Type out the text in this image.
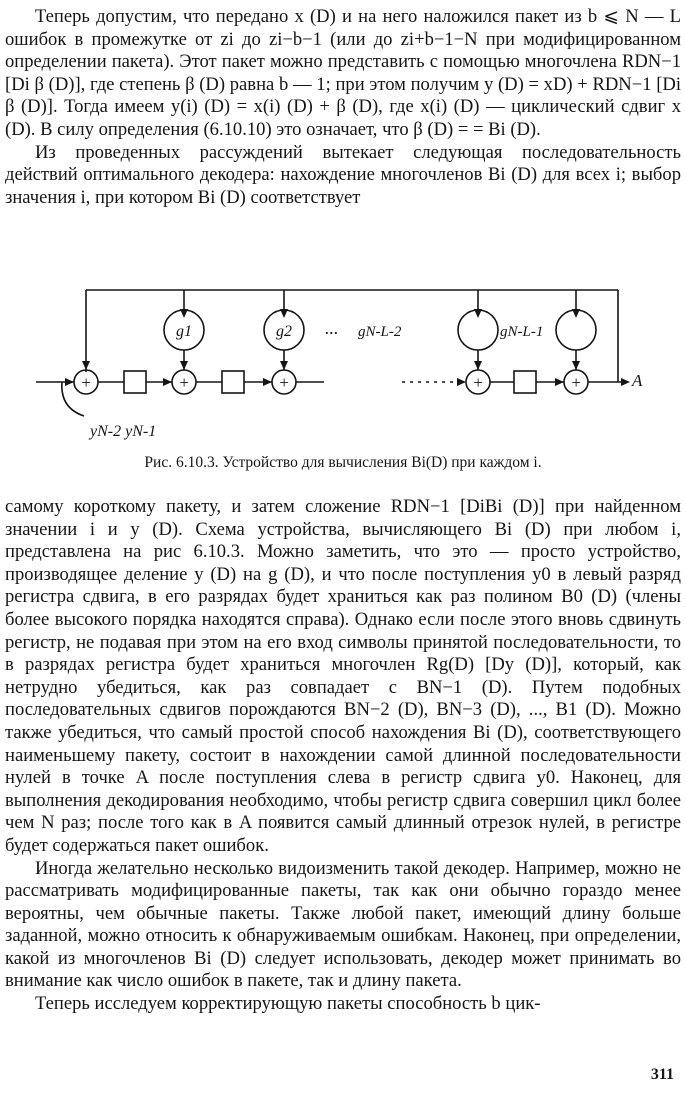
Теперь допустим, что передано x (D) и на него наложился пакет из b ⩽ N — L ошибок в промежутке от zi до zi−b−1 (или до zi+b−1−N при модифицированном определении пакета). Этот пакет можно представить с помощью многочлена RDN−1 [Di β (D)], где степень β (D) равна b — 1; при этом получим y (D) = xD) + RDN−1 [Di β (D)]. Тогда имеем y(i) (D) = x(i) (D) + β (D), где x(i) (D) — циклический сдвиг x (D). В силу определения (6.10.10) это означает, что β (D) = = Bi (D).

Из проведенных рассуждений вытекает следующая последовательность действий оптимального декодера: нахождение многочленов Bi (D) для всех i; выбор значения i, при котором Bi (D) соответствует

+	+	+	+	+
g1	g2 ... gN-L-2	gN-L-1
A
yN-2 yN-1
Рис. 6.10.3. Устройство для вычисления Bi(D) при каждом i.

самому короткому пакету, и затем сложение RDN−1 [DiBi (D)] при найденном значении i и y (D). Схема устройства, вычисляющего Bi (D) при любом i, представлена на рис 6.10.3. Можно заметить, что это — просто устройство, производящее деление y (D) на g (D), и что после поступления y0 в левый разряд регистра сдвига, в его разрядах будет храниться как раз полином B0 (D) (члены более высокого порядка находятся справа). Однако если после этого вновь сдвинуть регистр, не подавая при этом на его вход символы принятой последовательности, то в разрядах регистра будет храниться многочлен Rg(D) [Dy (D)], который, как нетрудно убедиться, как раз совпадает с BN−1 (D). Путем подобных последовательных сдвигов порождаются BN−2 (D), BN−3 (D), ..., B1 (D). Можно также убедиться, что самый простой способ нахождения Bi (D), соответствующего наименьшему пакету, состоит в нахождении самой длинной последовательности нулей в точке A после поступления слева в регистр сдвига y0. Наконец, для выполнения декодирования необходимо, чтобы регистр сдвига совершил цикл более чем N раз; после того как в A появится самый длинный отрезок нулей, в регистре будет содержаться пакет ошибок.

Иногда желательно несколько видоизменить такой декодер. Например, можно не рассматривать модифицированные пакеты, так как они обычно гораздо менее вероятны, чем обычные пакеты. Также любой пакет, имеющий длину больше заданной, можно относить к обнаруживаемым ошибкам. Наконец, при определении, какой из многочленов Bi (D) следует использовать, декодер может принимать во внимание как число ошибок в пакете, так и длину пакета.

Теперь исследуем корректирующую пакеты способность b цик-

311
